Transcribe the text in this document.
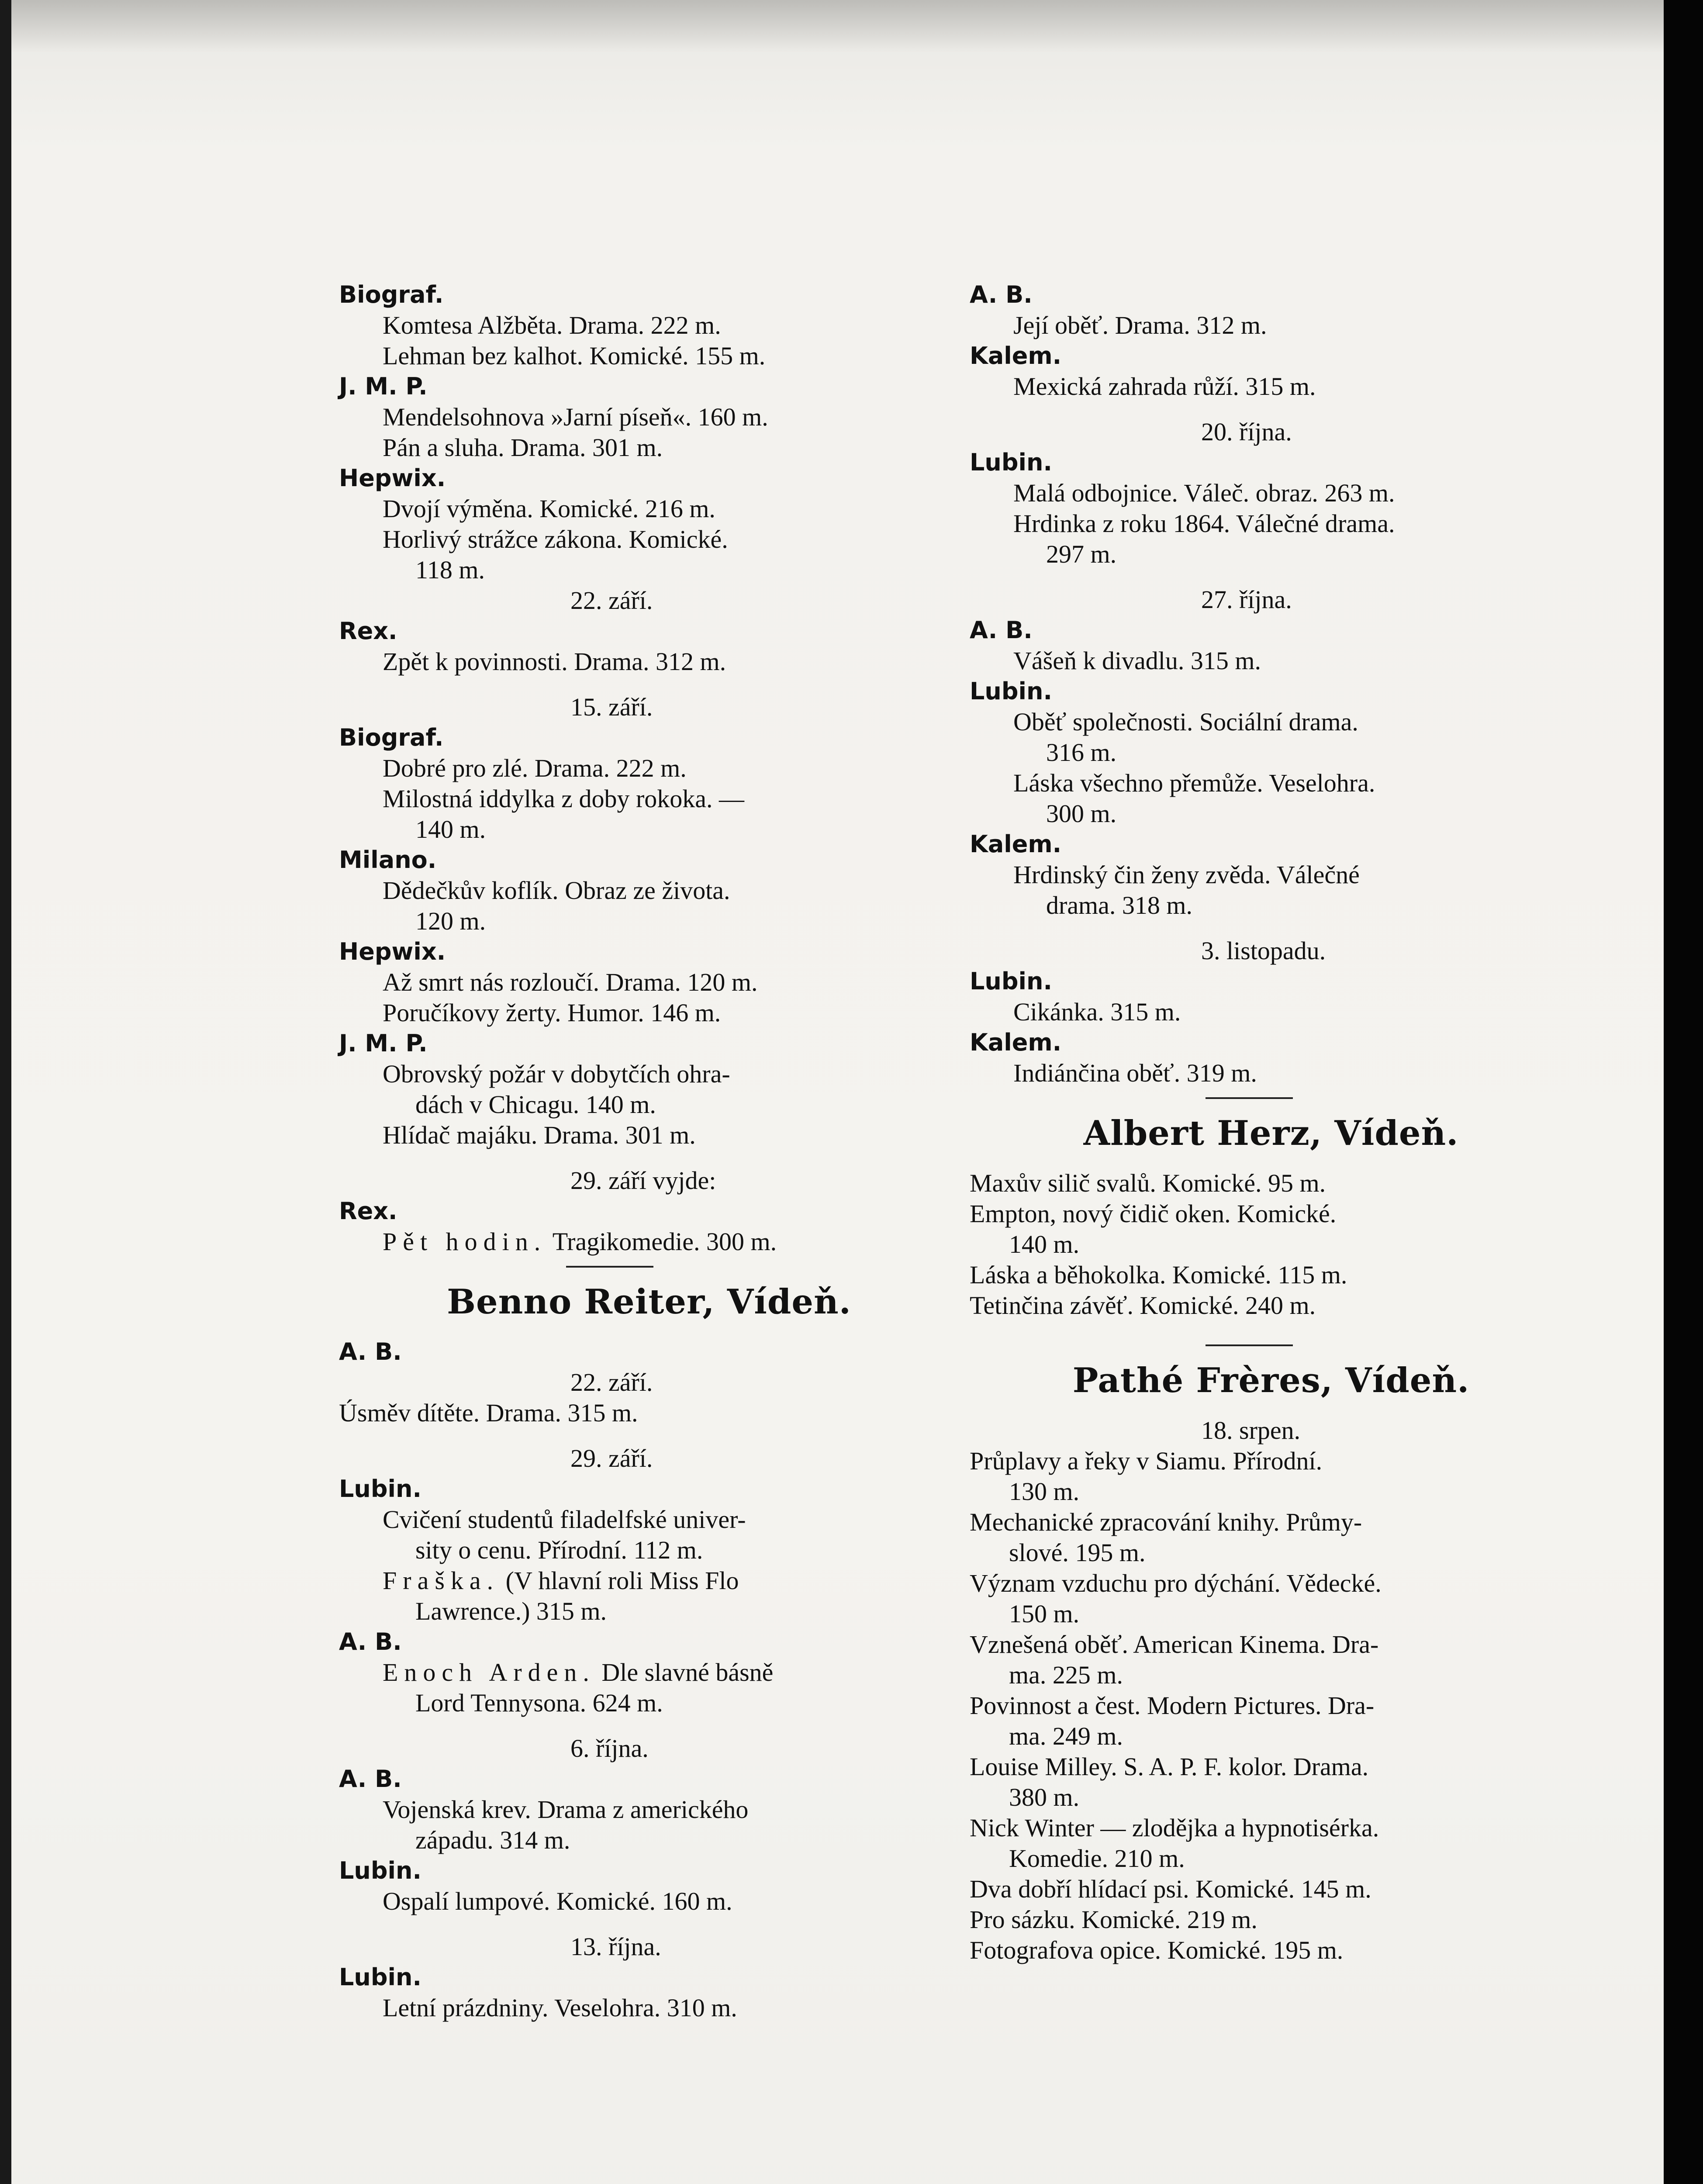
Biograf.
Komtesa Alžběta. Drama. 222 m.
Lehman bez kalhot. Komické. 155 m.
J. M. P.
Mendelsohnova »Jarní píseň«. 160 m.
Pán a sluha. Drama. 301 m.
Hepwix.
Dvojí výměna. Komické. 216 m.
Horlivý strážce zákona. Komické.
118 m.
22. září.
Rex.
Zpět k povinnosti. Drama. 312 m.
15. září.
Biograf.
Dobré pro zlé. Drama. 222 m.
Milostná iddylka z doby rokoka. —
140 m.
Milano.
Dědečkův koflík. Obraz ze života.
120 m.
Hepwix.
Až smrt nás rozloučí. Drama. 120 m.
Poručíkovy žerty. Humor. 146 m.
J. M. P.
Obrovský požár v dobytčích ohra-
dách v Chicagu. 140 m.
Hlídač majáku. Drama. 301 m.
29. září vyjde:
Rex.
Pět hodin. Tragikomedie. 300 m.
Benno Reiter, Vídeň.
A. B.
22. září.
Úsměv dítěte. Drama. 315 m.
29. září.
Lubin.
Cvičení studentů filadelfské univer-
sity o cenu. Přírodní. 112 m.
Fraška. (V hlavní roli Miss Flo
Lawrence.) 315 m.
A. B.
Enoch Arden. Dle slavné básně
Lord Tennysona. 624 m.
6. října.
A. B.
Vojenská krev. Drama z amerického
západu. 314 m.
Lubin.
Ospalí lumpové. Komické. 160 m.
13. října.
Lubin.
Letní prázdniny. Veselohra. 310 m.
A. B.
Její oběť. Drama. 312 m.
Kalem.
Mexická zahrada růží. 315 m.
20. října.
Lubin.
Malá odbojnice. Váleč. obraz. 263 m.
Hrdinka z roku 1864. Válečné drama.
297 m.
27. října.
A. B.
Vášeň k divadlu. 315 m.
Lubin.
Oběť společnosti. Sociální drama.
316 m.
Láska všechno přemůže. Veselohra.
300 m.
Kalem.
Hrdinský čin ženy zvěda. Válečné
drama. 318 m.
3. listopadu.
Lubin.
Cikánka. 315 m.
Kalem.
Indiánčina oběť. 319 m.
Albert Herz, Vídeň.
Maxův silič svalů. Komické. 95 m.
Empton, nový čidič oken. Komické.
140 m.
Láska a běhokolka. Komické. 115 m.
Tetinčina závěť. Komické. 240 m.
Pathé Frères, Vídeň.
18. srpen.
Průplavy a řeky v Siamu. Přírodní.
130 m.
Mechanické zpracování knihy. Průmy-
slové. 195 m.
Význam vzduchu pro dýchání. Vědecké.
150 m.
Vznešená oběť. American Kinema. Dra-
ma. 225 m.
Povinnost a čest. Modern Pictures. Dra-
ma. 249 m.
Louise Milley. S. A. P. F. kolor. Drama.
380 m.
Nick Winter — zlodějka a hypnotisérka.
Komedie. 210 m.
Dva dobří hlídací psi. Komické. 145 m.
Pro sázku. Komické. 219 m.
Fotografova opice. Komické. 195 m.
